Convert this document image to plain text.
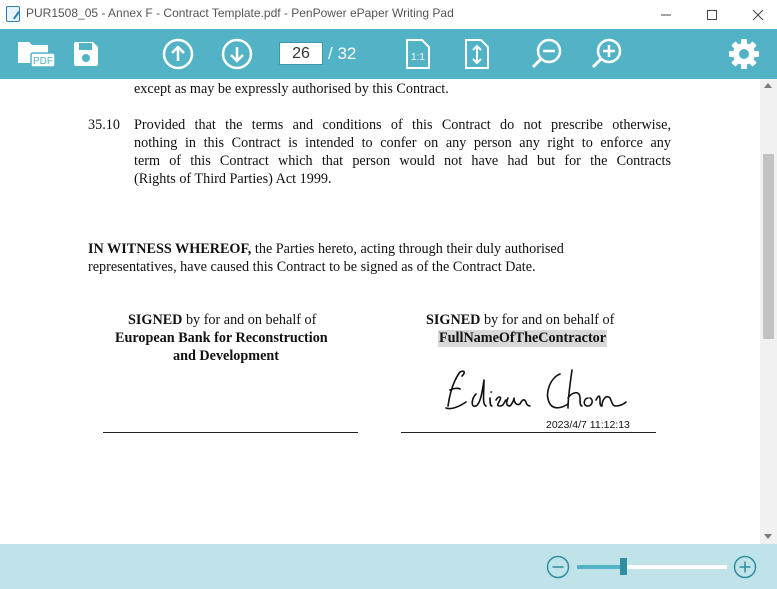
PUR1508_05 - Annex F - Contract Template.pdf - PenPower ePaper Writing Pad
PDF	26	/ 32	1:1
except as may be expressly authorised by this Contract.
35.10 Provided that the terms and conditions of this Contract do not prescribe otherwise,
nothing in this Contract is intended to confer on any person any right to enforce any
term of this Contract which that person would not have had but for the Contracts
(Rights of Third Parties) Act 1999.
IN WITNESS WHEREOF, the Parties hereto, acting through their duly authorised
representatives, have caused this Contract to be signed as of the Contract Date.
SIGNED by for and on behalf of
European Bank for Reconstruction
and Development
SIGNED by for and on behalf of
FullNameOfTheContractor
2023/4/7 11:12:13
